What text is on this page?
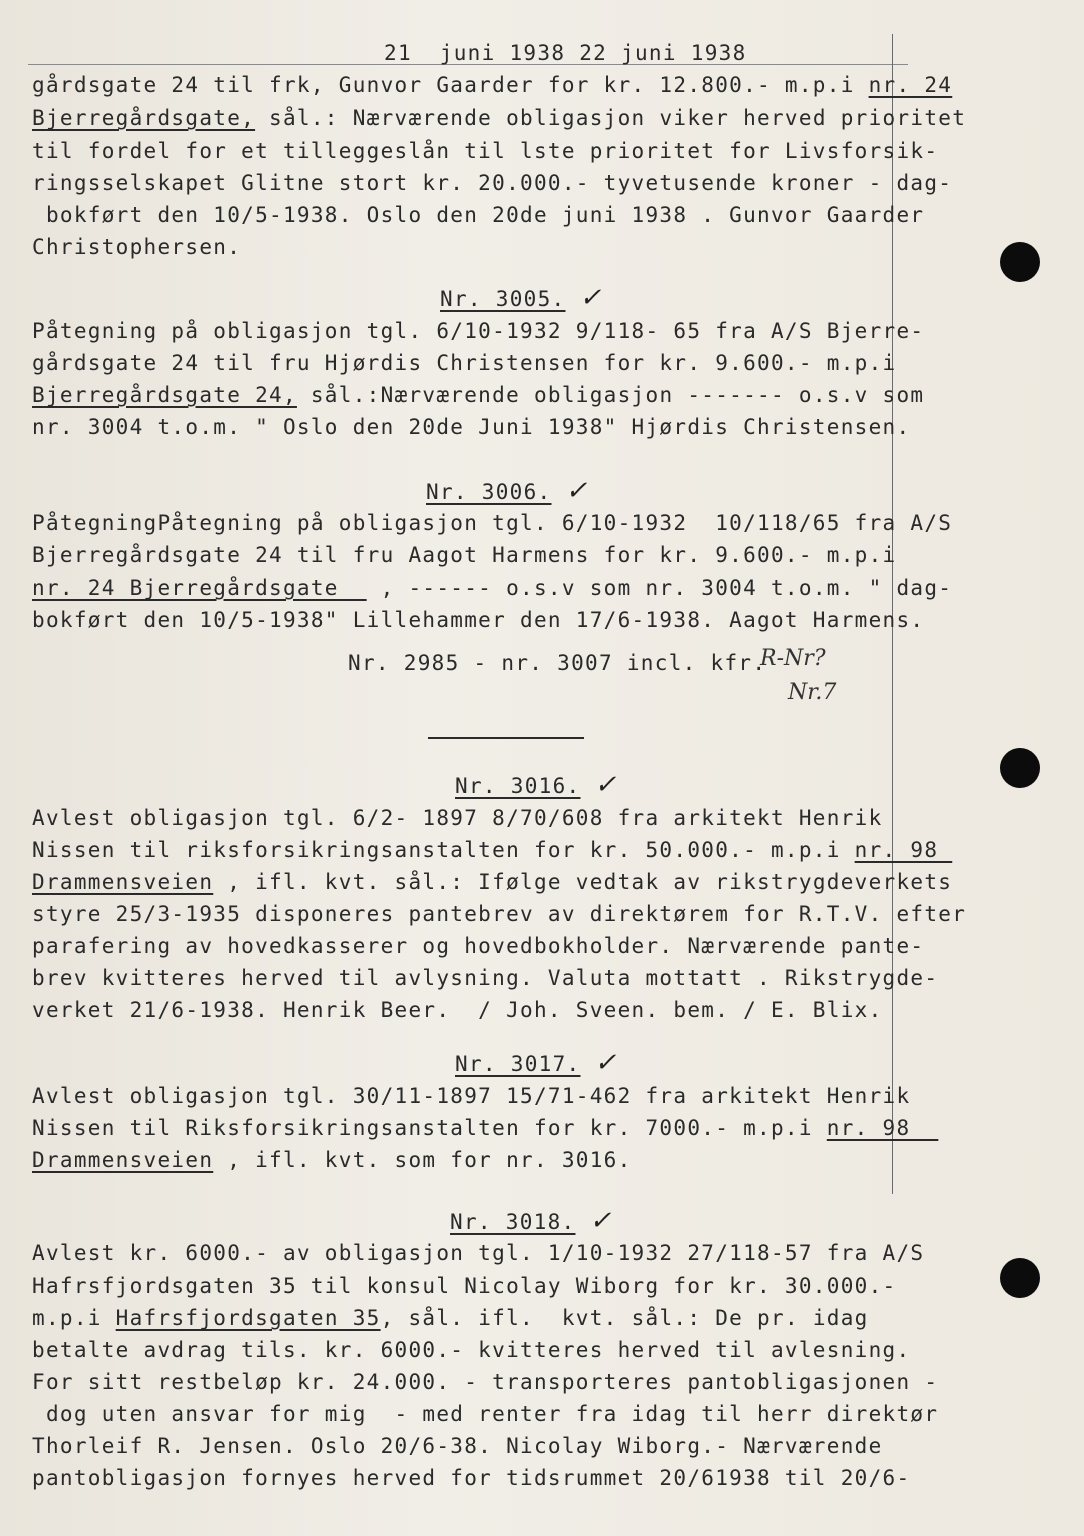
21  juni 1938 22 juni 1938
gårdsgate 24 til frk, Gunvor Gaarder for kr. 12.800.- m.p.i nr. 24
Bjerregårdsgate, sål.: Nærværende obligasjon viker herved prioritet
til fordel for et tilleggeslån til lste prioritet for Livsforsik-
ringsselskapet Glitne stort kr. 20.000.- tyvetusende kroner - dag-
bokført den 10/5-1938. Oslo den 20de juni 1938 . Gunvor Gaarder
Christophersen.
Nr. 3005. ✓
Påtegning på obligasjon tgl. 6/10-1932 9/118- 65 fra A/S Bjerre-
gårdsgate 24 til fru Hjørdis Christensen for kr. 9.600.- m.p.i
Bjerregårdsgate 24, sål.:Nærværende obligasjon ------- o.s.v som
nr. 3004 t.o.m. " Oslo den 20de Juni 1938" Hjørdis Christensen.
Nr. 3006. ✓
PåtegningPåtegning på obligasjon tgl. 6/10-1932  10/118/65 fra A/S
Bjerregårdsgate 24 til fru Aagot Harmens for kr. 9.600.- m.p.i
nr. 24 Bjerregårdsgate   , ------ o.s.v som nr. 3004 t.o.m. " dag-
bokført den 10/5-1938" Lillehammer den 17/6-1938. Aagot Harmens.
Nr. 2985 - nr. 3007 incl. kfr.
R-Nr?
Nr.7
Nr. 3016. ✓
Avlest obligasjon tgl. 6/2- 1897 8/70/608 fra arkitekt Henrik
Nissen til riksforsikringsanstalten for kr. 50.000.- m.p.i nr. 98
Drammensveien , ifl. kvt. sål.: Ifølge vedtak av rikstrygdeverkets
styre 25/3-1935 disponeres pantebrev av direktørem for R.T.V. efter
parafering av hovedkasserer og hovedbokholder. Nærværende pante-
brev kvitteres herved til avlysning. Valuta mottatt . Rikstrygde-
verket 21/6-1938. Henrik Beer.  / Joh. Sveen. bem. / E. Blix.
Nr. 3017. ✓
Avlest obligasjon tgl. 30/11-1897 15/71-462 fra arkitekt Henrik
Nissen til Riksforsikringsanstalten for kr. 7000.- m.p.i nr. 98
Drammensveien , ifl. kvt. som for nr. 3016.
Nr. 3018. ✓
Avlest kr. 6000.- av obligasjon tgl. 1/10-1932 27/118-57 fra A/S
Hafrsfjordsgaten 35 til konsul Nicolay Wiborg for kr. 30.000.-
m.p.i Hafrsfjordsgaten 35, sål. ifl.  kvt. sål.: De pr. idag
betalte avdrag tils. kr. 6000.- kvitteres herved til avlesning.
For sitt restbeløp kr. 24.000. - transporteres pantobligasjonen -
dog uten ansvar for mig  - med renter fra idag til herr direktør
Thorleif R. Jensen. Oslo 20/6-38. Nicolay Wiborg.- Nærværende
pantobligasjon fornyes herved for tidsrummet 20/61938 til 20/6-
